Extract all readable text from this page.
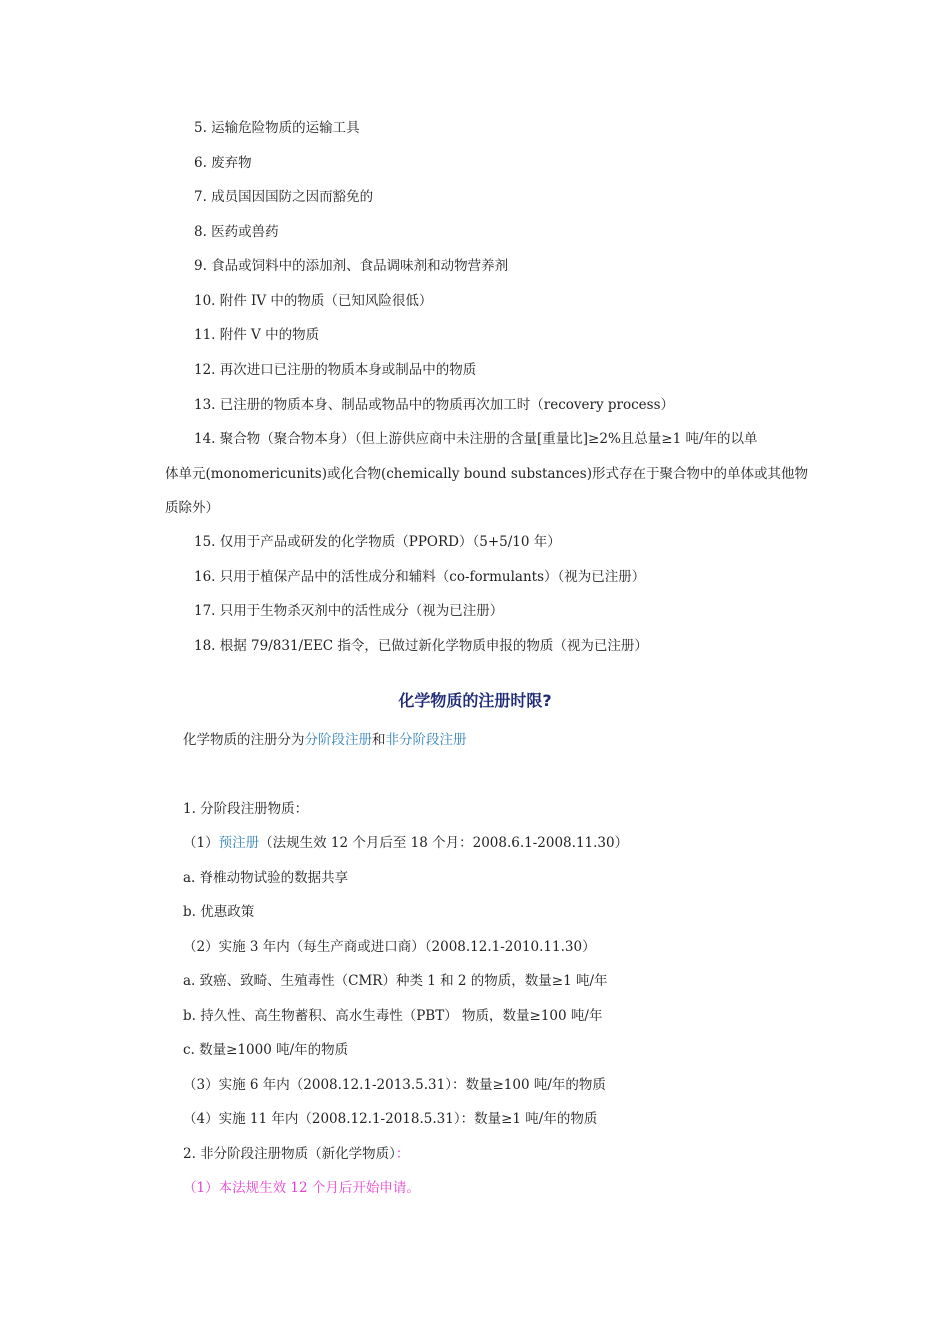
5. 运输危险物质的运输工具
6. 废弃物
7. 成员国因国防之因而豁免的
8. 医药或兽药
9. 食品或饲料中的添加剂、食品调味剂和动物营养剂
10. 附件 IV 中的物质（已知风险很低）
11. 附件 V 中的物质
12. 再次进口已注册的物质本身或制品中的物质
13. 已注册的物质本身、制品或物品中的物质再次加工时（recovery process）
14. 聚合物（聚合物本身）（但上游供应商中未注册的含量[重量比]≥2%且总量≥1 吨/年的以单
体单元(monomericunits)或化合物(chemically bound substances)形式存在于聚合物中的单体或其他物
质除外）
15. 仅用于产品或研发的化学物质（PPORD）（5+5/10 年）
16. 只用于植保产品中的活性成分和辅料（co-formulants）（视为已注册）
17. 只用于生物杀灭剂中的活性成分（视为已注册）
18. 根据 79/831/EEC 指令，已做过新化学物质申报的物质（视为已注册）
化学物质的注册时限?
化学物质的注册分为分阶段注册和非分阶段注册
1. 分阶段注册物质：
（1）预注册（法规生效 12 个月后至 18 个月：2008.6.1-2008.11.30）
a. 脊椎动物试验的数据共享
b. 优惠政策
（2）实施 3 年内（每生产商或进口商）（2008.12.1-2010.11.30）
a. 致癌、致畸、生殖毒性（CMR）种类 1 和 2 的物质，数量≥1 吨/年
b. 持久性、高生物蓄积、高水生毒性（PBT） 物质，数量≥100 吨/年
c. 数量≥1000 吨/年的物质
（3）实施 6 年内（2008.12.1-2013.5.31）：数量≥100 吨/年的物质
（4）实施 11 年内（2008.12.1-2018.5.31）：数量≥1 吨/年的物质
2. 非分阶段注册物质（新化学物质）：
（1）本法规生效 12 个月后开始申请。
